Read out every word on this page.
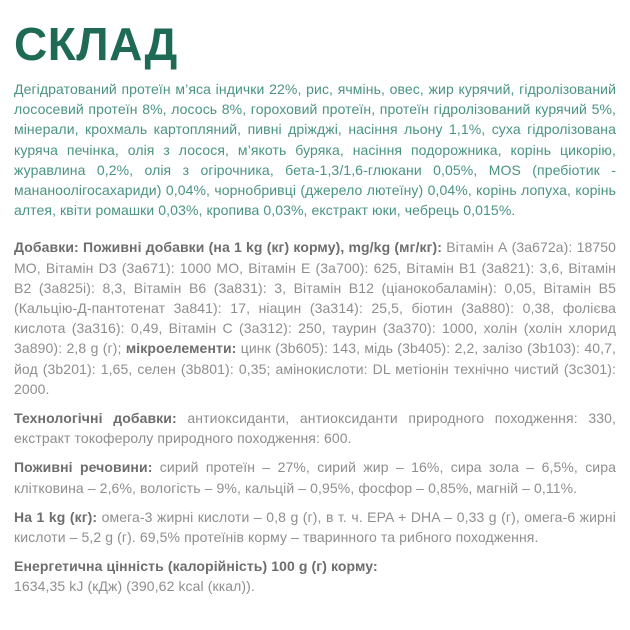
СКЛАД

Дегідратований протеїн м’яса індички 22%, рис, ячмінь, овес, жир курячий, гідролізований лососевий протеїн 8%, лосось 8%, гороховий протеїн, протеїн гідролізований курячий 5%, мінерали, крохмаль картопляний, пивні дріжджі, насіння льону 1,1%, суха гідролізована куряча печінка, олія з лосося, м’якоть буряка, насіння подорожника, корінь цикорію, журавлина 0,2%, олія з огірочника, бета-1,3/1,6-глюкани 0,05%, MOS (пребіотик - мананоолігосахариди) 0,04%, чорнобривці (джерело лютеїну) 0,04%, корінь лопуха, корінь алтея, квіти ромашки 0,03%, кропива 0,03%, екстракт юки, чебрець 0,015%.

Добавки: Поживні добавки (на 1 kg (кг) корму), mg/kg (мг/кг): Вітамін А (3а672а): 18750 МО, Вітамін D3 (3а671): 1000 МО, Вітамін Е (3а700): 625, Вітамін В1 (3а821): 3,6, Вітамін В2 (3а825і): 8,3, Вітамін В6 (3а831): 3, Вітамін В12 (ціанокобаламін): 0,05, Вітамін В5 (Кальцію-Д-пантотенат 3а841): 17, ніацин (3а314): 25,5, біотин (3а880): 0,38, фолієва кислота (3а316): 0,49, Вітамін С (3а312): 250, таурин (3а370): 1000, холін (холін хлорид 3а890): 2,8 g (г); мікроелементи: цинк (3b605): 143, мідь (3b405): 2,2, залізо (3b103): 40,7, йод (3b201): 1,65, селен (3b801): 0,35; амінокислоти: DL метіонін технічно чистий (3с301): 2000.

Технологічні добавки: антиоксиданти, антиоксиданти природного походження: 330, екстракт токоферолу природного походження: 600.

Поживні речовини: сирий протеїн – 27%, сирий жир – 16%, сира зола – 6,5%, сира клітковина – 2,6%, вологість – 9%, кальцій – 0,95%, фосфор – 0,85%, магній – 0,11%.

На 1 kg (кг): омега-3 жирні кислоти – 0,8 g (г), в т. ч. EPA + DHA – 0,33 g (г), омега-6 жирні кислоти – 5,2 g (г). 69,5% протеїнів корму – тваринного та рибного походження.

Енергетична цінність (калорійність) 100 g (г) корму:
1634,35 kJ (кДж) (390,62 kcal (ккал)).
